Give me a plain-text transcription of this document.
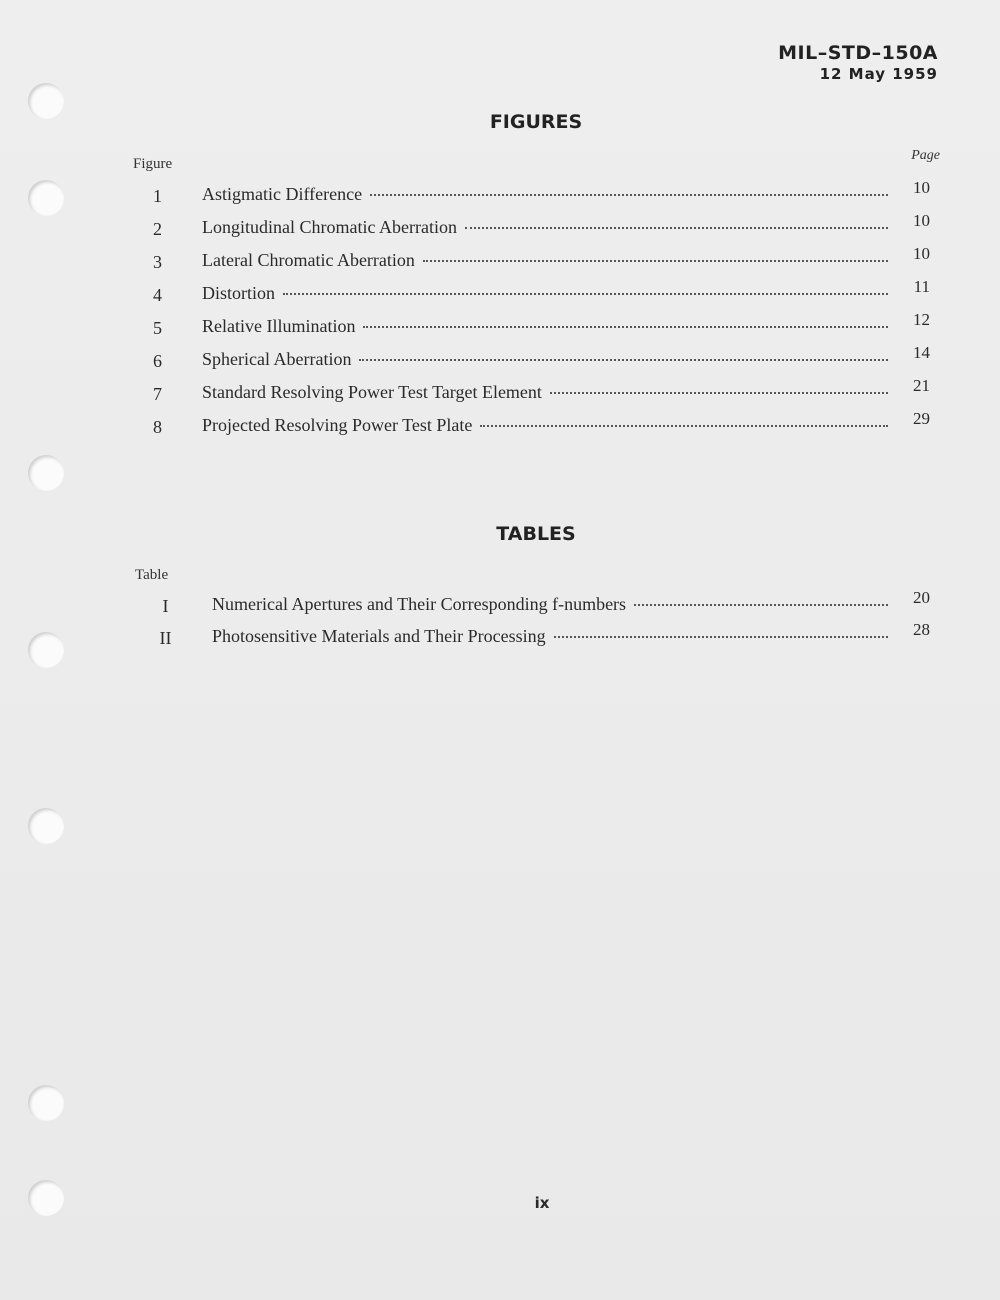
MIL–STD–150A
12 May 1959
FIGURES
Figure
Page
1	Astigmatic Difference	10
2	Longitudinal Chromatic Aberration	10
3	Lateral Chromatic Aberration	10
4	Distortion	11
5	Relative Illumination	12
6	Spherical Aberration	14
7	Standard Resolving Power Test Target Element	21
8	Projected Resolving Power Test Plate	29
TABLES
Table
I	Numerical Apertures and Their Corresponding f-numbers	20
II	Photosensitive Materials and Their Processing	28
ix
